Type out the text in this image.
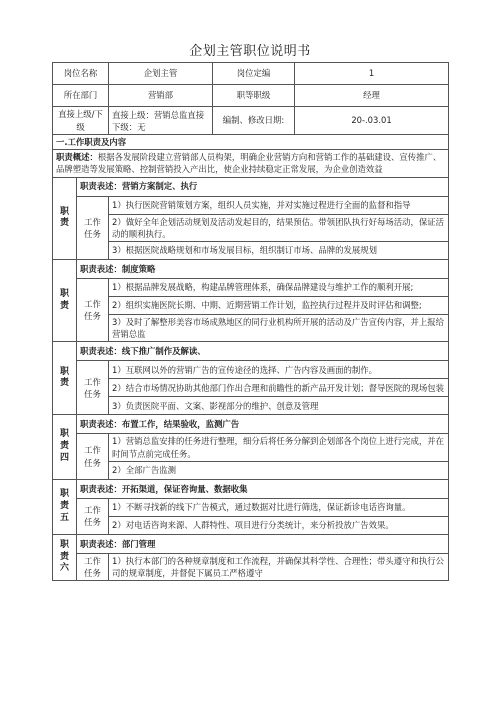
企划主管职位说明书
岗位名称		企划主管	岗位定编	1
所在部门		营销部	职等职级	经理
直接上级/下级		直接上级：营销总监直接下级：无	编制、修改日期:	20-.03.01
一.工作职责及内容				
职责概述：根据各发展阶段建立营销部人员构架，明确企业营销方向和营销工作的基础建设、宣传推广、品牌塑造等发展策略、控制营销投入产出比，使企业持续稳定正常发展，为企业创造效益				
职责	职责表述：营销方案制定、执行			
	工作任务	1）执行医院营销策划方案，组织人员实施，并对实施过程进行全面的监督和指导		
		2）做好全年企划活动规划及活动发起目的，结果预估。带领团队执行好每场活动，保证活动的顺利执行。		
		3）根据医院战略规划和市场发展目标，组织制订市场、品牌的发展规划		
职责	职责表述：制度策略			
	工作任务	1）根据品牌发展战略，构建品牌管理体系，确保品牌建设与维护工作的顺利开展;		
		2）组织实施医院长期、中期、近期营销工作计划，监控执行过程并及时评估和调整;		
		3）及时了解整形美容市场成熟地区的同行业机构所开展的活动及广告宣传内容，并上报给营销总监		
职责	职责表述：线下推广制作及解读、			
	工作任务	1）互联网以外的营销广告的宣传途径的选择、广告内容及画面的制作。		
		2）结合市场情况协助其他部门作出合理和前瞻性的新产品开发计划；督导医院的现场包装		
		3）负责医院平面、文案、影视部分的维护、创意及管理		
职责四	职责表述：布置工作，结果验收，监测广告			
	工作任务	1）营销总监安排的任务进行整理，细分后将任务分解到企划部各个岗位上进行完成，并在时间节点前完成任务。		
		2）全部广告监测		
职责五	职责表述：开拓渠道，保证咨询量、数据收集			
	工作任务	1）不断寻找新的线下广告模式，通过数据对比进行筛选，保证新诊电话咨询量。		
		2）对电话咨询来源、人群特性、项目进行分类统计，来分析投放广告效果。		
职责六	职责表述：部门管理			
	工作任务	1）执行本部门的各种规章制度和工作流程，并确保其科学性、合理性；带头遵守和执行公司的规章制度，并督促下属员工严格遵守		
